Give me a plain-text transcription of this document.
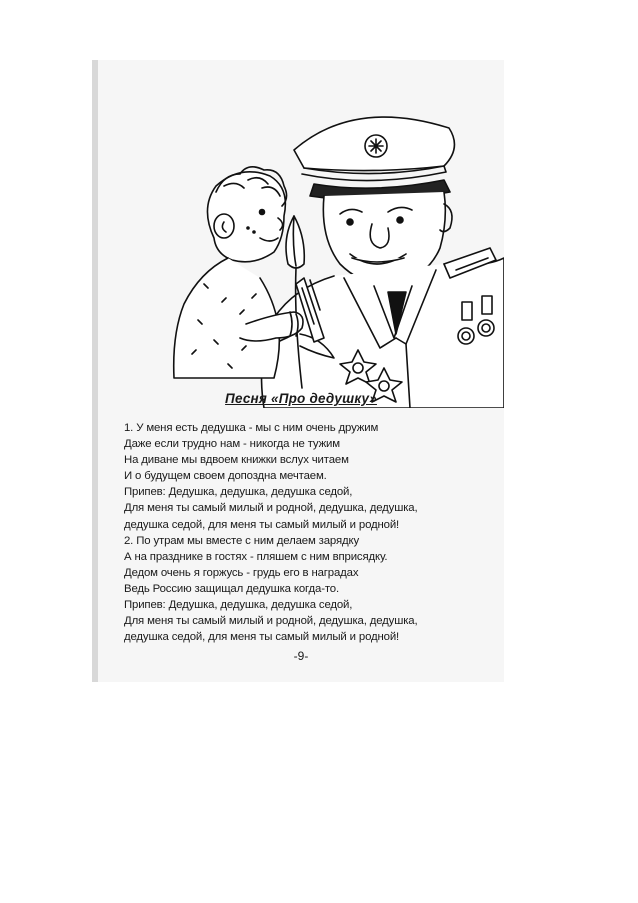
Песня «Про дедушку»
1. У меня есть дедушка - мы с ним очень дружим
Даже если трудно нам - никогда не тужим
На диване мы вдвоем книжки вслух читаем
И о будущем своем допоздна мечтаем.
Припев: Дедушка, дедушка, дедушка седой,
Для меня ты самый милый и родной, дедушка, дедушка,
дедушка седой, для меня ты самый милый и родной!
2. По утрам мы вместе с ним делаем зарядку
А на празднике в гостях - пляшем с ним вприсядку.
Дедом очень я горжусь - грудь его в наградах
Ведь Россию защищал дедушка когда-то.
Припев: Дедушка, дедушка, дедушка седой,
Для меня ты самый милый и родной, дедушка, дедушка,
дедушка седой, для меня ты самый милый и родной!
-9-
